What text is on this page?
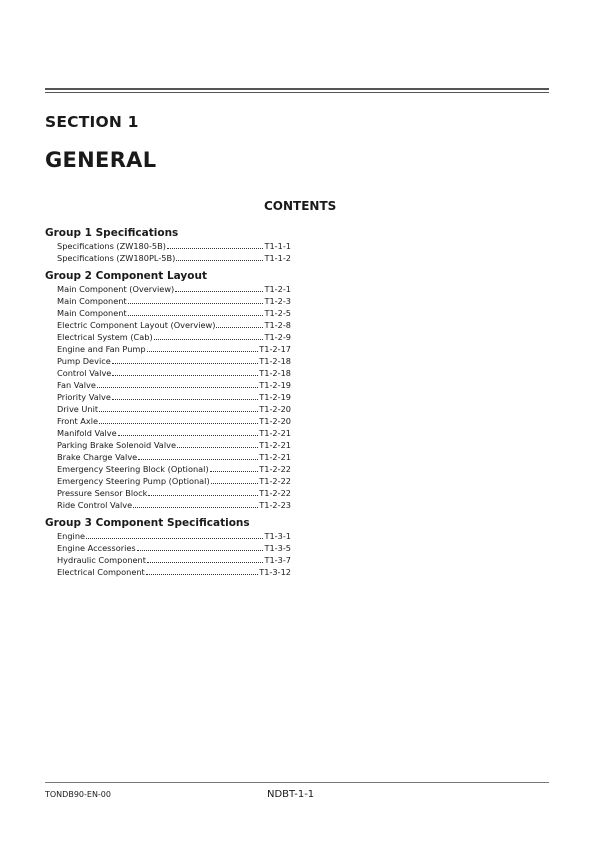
SECTION 1
GENERAL
CONTENTS
Group 1 Specifications
Specifications (ZW180-5B)	T1-1-1
Specifications (ZW180PL-5B)	T1-1-2
Group 2 Component Layout
Main Component (Overview)	T1-2-1
Main Component	T1-2-3
Main Component	T1-2-5
Electric Component Layout (Overview)	T1-2-8
Electrical System (Cab)	T1-2-9
Engine and Fan Pump	T1-2-17
Pump Device	T1-2-18
Control Valve	T1-2-18
Fan Valve	T1-2-19
Priority Valve	T1-2-19
Drive Unit	T1-2-20
Front Axle	T1-2-20
Manifold Valve	T1-2-21
Parking Brake Solenoid Valve	T1-2-21
Brake Charge Valve	T1-2-21
Emergency Steering Block (Optional)	T1-2-22
Emergency Steering Pump (Optional)	T1-2-22
Pressure Sensor Block	T1-2-22
Ride Control Valve	T1-2-23
Group 3 Component Specifications
Engine	T1-3-1
Engine Accessories	T1-3-5
Hydraulic Component	T1-3-7
Electrical Component	T1-3-12
TONDB90-EN-00	NDBT-1-1
